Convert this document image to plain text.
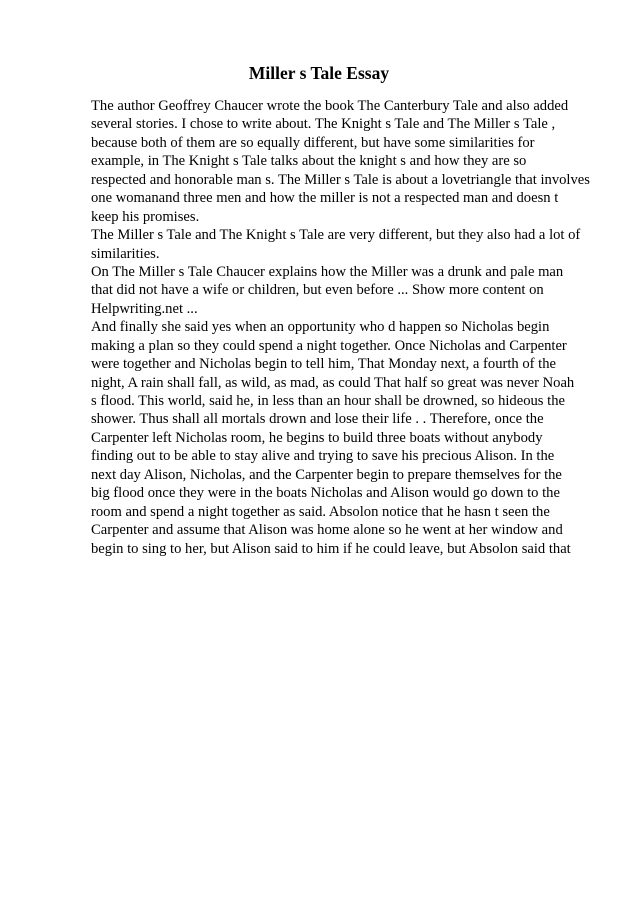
Miller s Tale Essay
The author Geoffrey Chaucer wrote the book The Canterbury Tale and also added
several stories. I chose to write about. The Knight s Tale and The Miller s Tale ,
because both of them are so equally different, but have some similarities for
example, in The Knight s Tale talks about the knight s and how they are so
respected and honorable man s. The Miller s Tale is about a lovetriangle that involves
one womanand three men and how the miller is not a respected man and doesn t
keep his promises.
The Miller s Tale and The Knight s Tale are very different, but they also had a lot of
similarities.
On The Miller s Tale Chaucer explains how the Miller was a drunk and pale man
that did not have a wife or children, but even before ... Show more content on
Helpwriting.net ...
And finally she said yes when an opportunity who d happen so Nicholas begin
making a plan so they could spend a night together. Once Nicholas and Carpenter
were together and Nicholas begin to tell him, That Monday next, a fourth of the
night, A rain shall fall, as wild, as mad, as could That half so great was never Noah
s flood. This world, said he, in less than an hour shall be drowned, so hideous the
shower. Thus shall all mortals drown and lose their life . . Therefore, once the
Carpenter left Nicholas room, he begins to build three boats without anybody
finding out to be able to stay alive and trying to save his precious Alison. In the
next day Alison, Nicholas, and the Carpenter begin to prepare themselves for the
big flood once they were in the boats Nicholas and Alison would go down to the
room and spend a night together as said. Absolon notice that he hasn t seen the
Carpenter and assume that Alison was home alone so he went at her window and
begin to sing to her, but Alison said to him if he could leave, but Absolon said that
